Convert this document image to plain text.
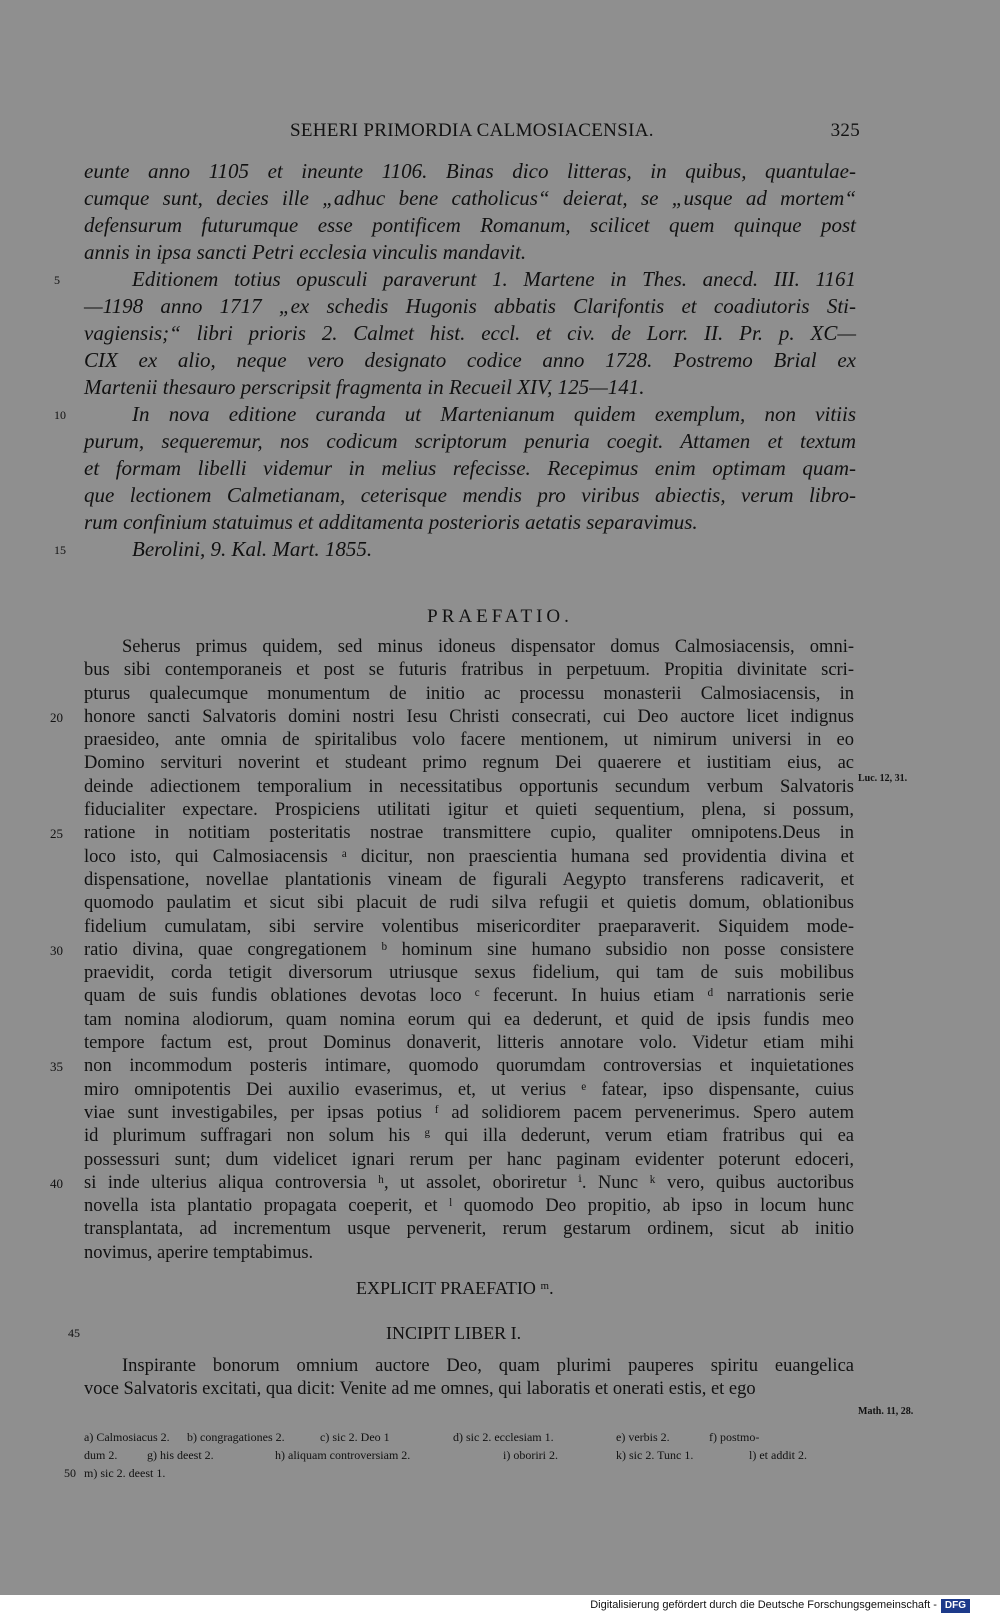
SEHERI PRIMORDIA CALMOSIACENSIA.	325
eunte anno 1105 et ineunte 1106. Binas dico litteras, in quibus, quantulae-
cumque sunt, decies ille „adhuc bene catholicus“ deierat, se „usque ad mortem“
defensurum futurumque esse pontificem Romanum, scilicet quem quinque post
annis in ipsa sancti Petri ecclesia vinculis mandavit.
5	Editionem totius opusculi paraverunt 1. Martene in Thes. anecd. III. 1161
—1198 anno 1717 „ex schedis Hugonis abbatis Clarifontis et coadiutoris Sti-
vagiensis;“ libri prioris 2. Calmet hist. eccl. et civ. de Lorr. II. Pr. p. XC—
CIX ex alio, neque vero designato codice anno 1728. Postremo Brial ex
Martenii thesauro perscripsit fragmenta in Recueil XIV, 125—141.
10	In nova editione curanda ut Martenianum quidem exemplum, non vitiis
purum, sequeremur, nos codicum scriptorum penuria coegit. Attamen et textum
et formam libelli videmur in melius refecisse. Recepimus enim optimam quam-
que lectionem Calmetianam, ceterisque mendis pro viribus abiectis, verum libro-
rum confinium statuimus et additamenta posterioris aetatis separavimus.
15	Berolini, 9. Kal. Mart. 1855.
PRAEFATIO.
Seherus primus quidem, sed minus idoneus dispensator domus Calmosiacensis, omni-
bus sibi contemporaneis et post se futuris fratribus in perpetuum. Propitia divinitate scri-
pturus qualecumque monumentum de initio ac processu monasterii Calmosiacensis, in
20	honore sancti Salvatoris domini nostri Iesu Christi consecrati, cui Deo auctore licet indignus
praesideo, ante omnia de spiritalibus volo facere mentionem, ut nimirum universi in eo
Domino servituri noverint et studeant primo regnum Dei quaerere et iustitiam eius, ac
deinde adiectionem temporalium in necessitatibus opportunis secundum verbum Salvatoris
fiducialiter expectare. Prospiciens utilitati igitur et quieti sequentium, plena, si possum,
25	ratione in notitiam posteritatis nostrae transmittere cupio, qualiter omnipotens.Deus in
loco isto, qui Calmosiacensis ᵃ dicitur, non praescientia humana sed providentia divina et
dispensatione, novellae plantationis vineam de figurali Aegypto transferens radicaverit, et
quomodo paulatim et sicut sibi placuit de rudi silva refugii et quietis domum, oblationibus
fidelium cumulatam, sibi servire volentibus misericorditer praeparaverit. Siquidem mode-
30	ratio divina, quae congregationem ᵇ hominum sine humano subsidio non posse consistere
praevidit, corda tetigit diversorum utriusque sexus fidelium, qui tam de suis mobilibus
quam de suis fundis oblationes devotas loco ᶜ fecerunt. In huius etiam ᵈ narrationis serie
tam nomina alodiorum, quam nomina eorum qui ea dederunt, et quid de ipsis fundis meo
tempore factum est, prout Dominus donaverit, litteris annotare volo. Videtur etiam mihi
35	non incommodum posteris intimare, quomodo quorumdam controversias et inquietationes
miro omnipotentis Dei auxilio evaserimus, et, ut verius ᵉ fatear, ipso dispensante, cuius
viae sunt investigabiles, per ipsas potius ᶠ ad solidiorem pacem pervenerimus. Spero autem
id plurimum suffragari non solum his ᵍ qui illa dederunt, verum etiam fratribus qui ea
possessuri sunt; dum videlicet ignari rerum per hanc paginam evidenter poterunt edoceri,
40	si inde ulterius aliqua controversia ʰ, ut assolet, oboriretur ⁱ. Nunc ᵏ vero, quibus auctoribus
novella ista plantatio propagata coeperit, et ˡ quomodo Deo propitio, ab ipso in locum hunc
transplantata, ad incrementum usque pervenerit, rerum gestarum ordinem, sicut ab initio
novimus, aperire temptabimus.
Luc. 12, 31.
EXPLICIT PRAEFATIO ᵐ.
45	INCIPIT LIBER I.
Inspirante bonorum omnium auctore Deo, quam plurimi pauperes spiritu euangelica
voce Salvatoris excitati, qua dicit: Venite ad me omnes, qui laboratis et onerati estis, et ego
Math. 11, 28.
a) Calmosiacus 2. b) congragationes 2.	c) sic 2. Deo 1	d) sic 2. ecclesiam 1.	e) verbis 2.	f) postmo-
dum 2. g) his deest 2.	h) aliquam controversiam 2.	i) oboriri 2.	k) sic 2. Tunc 1.	l) et addit 2.
50 m) sic 2. deest 1.
Digitalisierung gefördert durch die Deutsche Forschungsgemeinschaft - DFG
